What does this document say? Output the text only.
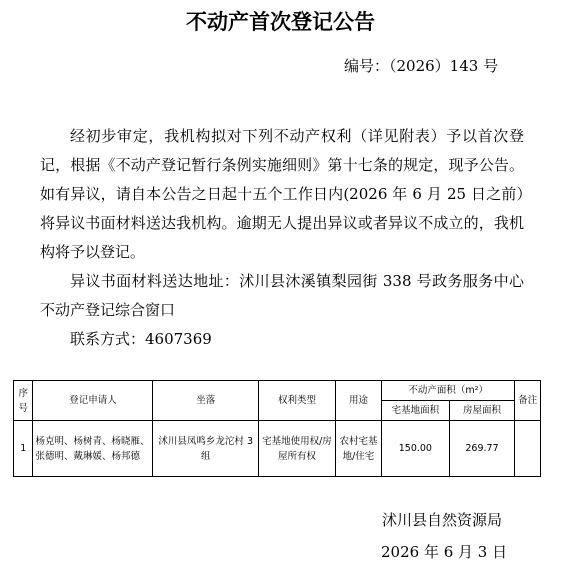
不动产首次登记公告
编号：（2026）143 号

经初步审定，我机构拟对下列不动产权利（详见附表）予以首次登记，根据《不动产登记暂行条例实施细则》第十七条的规定，现予公告。如有异议，请自本公告之日起十五个工作日内(2026 年 6 月 25 日之前）将异议书面材料送达我机构。逾期无人提出异议或者异议不成立的，我机构将予以登记。

异议书面材料送达地址：沭川县沐溪镇梨园街 338 号政务服务中心不动产登记综合窗口

联系方式：4607369

序号	登记申请人	坐落	权利类型	用途	不动产面积（m²）		备注
					宅基地面积	房屋面积	
1	杨克明、杨树青、杨晓雁、张德明、戴琳媛、杨邦德	沭川县凤鸣乡龙沱村 3 组	宅基地使用权/房屋所有权	农村宅基地/住宅	150.00	269.77	
沭川县自然资源局
2026 年 6 月 3 日
